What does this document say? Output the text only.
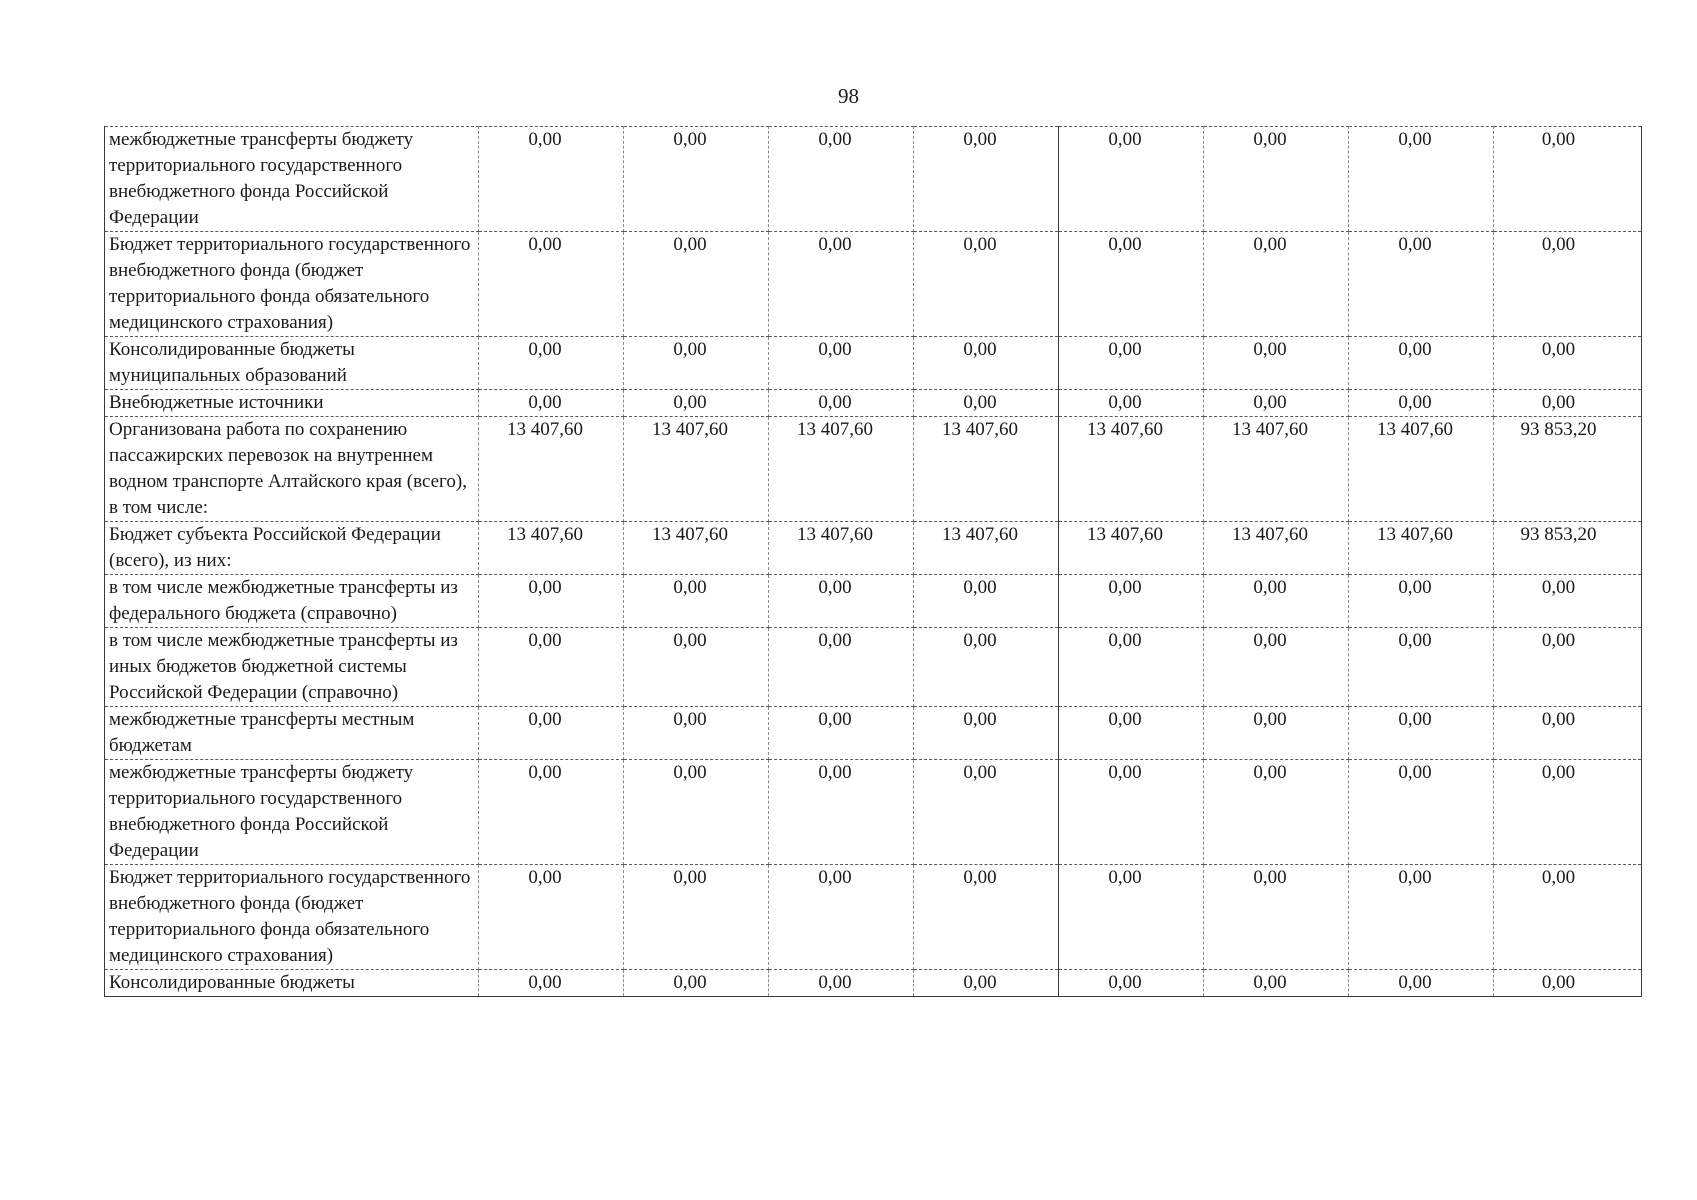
98
межбюджетные трансферты бюджету территориального государственного внебюджетного фонда Российской Федерации	0,00	0,00	0,00	0,00	0,00	0,00	0,00	0,00
Бюджет территориального государственного внебюджетного фонда (бюджет территориального фонда обязательного медицинского страхования)	0,00	0,00	0,00	0,00	0,00	0,00	0,00	0,00
Консолидированные бюджеты муниципальных образований	0,00	0,00	0,00	0,00	0,00	0,00	0,00	0,00
Внебюджетные источники	0,00	0,00	0,00	0,00	0,00	0,00	0,00	0,00
Организована работа по сохранению пассажирских перевозок на внутреннем водном транспорте Алтайского края (всего), в том числе:	13 407,60	13 407,60	13 407,60	13 407,60	13 407,60	13 407,60	13 407,60	93 853,20
Бюджет субъекта Российской Федерации (всего), из них:	13 407,60	13 407,60	13 407,60	13 407,60	13 407,60	13 407,60	13 407,60	93 853,20
в том числе межбюджетные трансферты из федерального бюджета (справочно)	0,00	0,00	0,00	0,00	0,00	0,00	0,00	0,00
в том числе межбюджетные трансферты из иных бюджетов бюджетной системы Российской Федерации (справочно)	0,00	0,00	0,00	0,00	0,00	0,00	0,00	0,00
межбюджетные трансферты местным бюджетам	0,00	0,00	0,00	0,00	0,00	0,00	0,00	0,00
межбюджетные трансферты бюджету территориального государственного внебюджетного фонда Российской Федерации	0,00	0,00	0,00	0,00	0,00	0,00	0,00	0,00
Бюджет территориального государственного внебюджетного фонда (бюджет территориального фонда обязательного медицинского страхования)	0,00	0,00	0,00	0,00	0,00	0,00	0,00	0,00
Консолидированные бюджеты	0,00	0,00	0,00	0,00	0,00	0,00	0,00	0,00
